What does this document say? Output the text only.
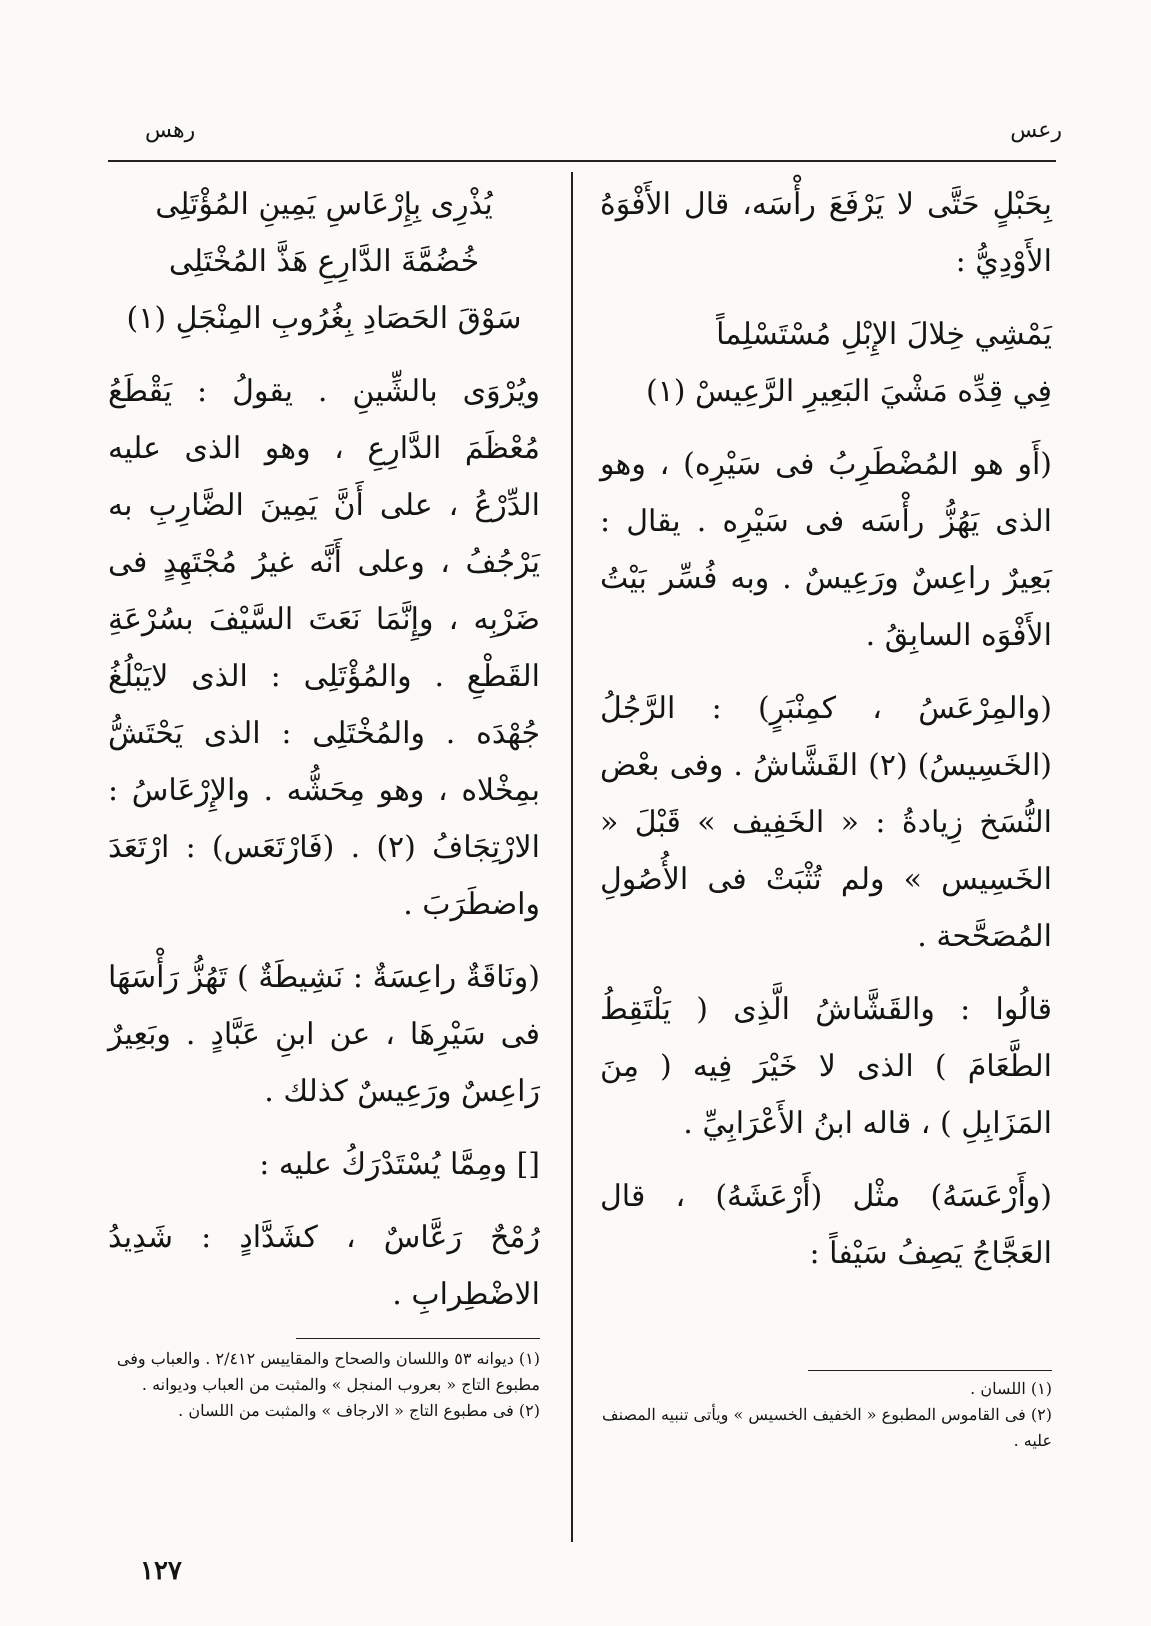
رعس
رهس

بِحَبْلٍ حَتَّى لا يَرْفَعَ رأْسَه، قال الأَفْوَهُ الأَوْدِيُّ :

يَمْشِي خِلالَ الإِبْلِ مُسْتَسْلِماً

فِي قِدِّه مَشْيَ البَعِيرِ الرَّعِيسْ (١)

(أَو هو المُضْطَرِبُ فى سَيْرِه) ، وهو الذى يَهُزُّ رأْسَه فى سَيْرِه . يقال : بَعِيرٌ راعِسٌ ورَعِيسٌ . وبه فُسِّر بَيْتُ الأَفْوَه السابِقُ .

(والمِرْعَسُ ، كمِنْبَرٍ) : الرَّجُلُ (الخَسِيسُ) (٢) القَشَّاشُ . وفى بعْض النُّسَخ زِيادةُ : « الخَفِيف » قَبْلَ « الخَسِيس » ولم تُثْبَتْ فى الأُصُولِ المُصَحَّحة .

قالُوا : والقَشَّاشُ الَّذِى ( يَلْتَقِطُ الطَّعَامَ ) الذى لا خَيْرَ فِيه ( مِنَ المَزَابِلِ ) ، قاله ابنُ الأَعْرَابِيِّ .

(وأَرْعَسَهُ) مثْل (أَرْعَشَهُ) ، قال العَجَّاجُ يَصِفُ سَيْفاً :

يُذْرِى بِإِرْعَاسِ يَمِينِ المُؤْتَلِى

خُضُمَّةَ الدَّارِعِ هَذَّ المُخْتَلِى

سَوْقَ الحَصَادِ بِغُرُوبِ المِنْجَلِ (١)

ويُرْوَى بالشِّينِ . يقولُ : يَقْطَعُ مُعْظَمَ الدَّارِعِ ، وهو الذى عليه الدِّرْعُ ، على أَنَّ يَمِينَ الضَّارِبِ به يَرْجُفُ ، وعلى أَنَّه غيرُ مُجْتَهِدٍ فى ضَرْبِه ، وإِنَّمَا نَعَتَ السَّيْفَ بسُرْعَةِ القَطْعِ . والمُؤْتَلِى : الذى لايَبْلُغُ جُهْدَه . والمُخْتَلِى : الذى يَحْتَشُّ بمِخْلاه ، وهو مِحَشُّه . والإِرْعَاسُ : الارْتِجَافُ (٢) . (فَارْتَعَس) : ارْتَعَدَ واضطَرَبَ .

(ونَاقَةٌ راعِسَةٌ : نَشِيطَةٌ ) تَهُزُّ رَأْسَهَا فى سَيْرِهَا ، عن ابنِ عَبَّادٍ . وبَعِيرٌ رَاعِسٌ ورَعِيسٌ كذلك .

[] ومِمَّا يُسْتَدْرَكُ عليه :

رُمْحٌ رَعَّاسٌ ، كشَدَّادٍ : شَدِيدُ الاضْطِرابِ .

(١) اللسان .
(٢) فى القاموس المطبوع « الخفيف الخسيس » ويأتى تنبيه المصنف عليه .
(١) ديوانه ٥٣ واللسان والصحاح والمقاييس ٢/٤١٢ . والعباب وفى مطبوع التاج « بعروب المنجل » والمثبت من العباب وديوانه .
(٢) فى مطبوع التاج « الارجاف » والمثبت من اللسان .
١٢٧
